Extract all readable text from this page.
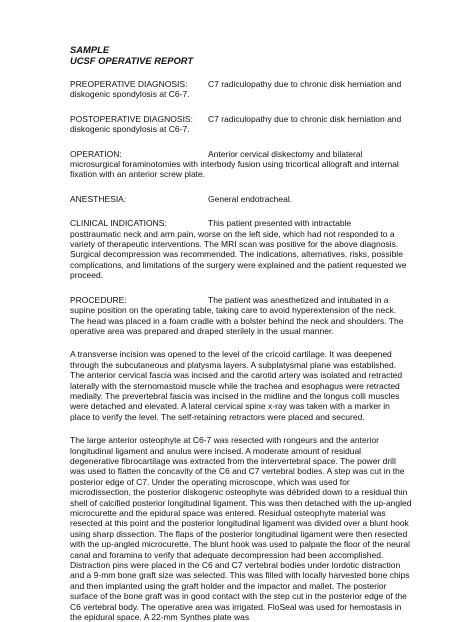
SAMPLE

UCSF OPERATIVE REPORT

PREOPERATIVE DIAGNOSIS:	C7 radiculopathy due to chronic disk herniation and

diskogenic spondylosis at C6-7.

POSTOPERATIVE DIAGNOSIS:	C7 radiculopathy due to chronic disk herniation and

diskogenic spondylosis at C6-7.

OPERATION:	Anterior cervical diskectomy and bilateral

microsurgical foraminotomies with interbody fusion using tricortical allograft and internal fixation with an anterior screw plate.

ANESTHESIA:	General endotracheal.
CLINICAL INDICATIONS:	This patient presented with intractable

posttraumatic neck and arm pain, worse on the left side, which had not responded to a variety of therapeutic interventions. The MRI scan was positive for the above diagnosis. Surgical decompression was recommended. The indications, alternatives, risks, possible complications, and limitations of the surgery were explained and the patient requested we proceed.

PROCEDURE:	The patient was anesthetized and intubated in a

supine position on the operating table, taking care to avoid hyperextension of the neck. The head was placed in a foam cradle with a bolster behind the neck and shoulders. The operative area was prepared and draped sterilely in the usual manner.

A transverse incision was opened to the level of the cricoid cartilage. It was deepened through the subcutaneous and platysma layers. A subplatysmal plane was established. The anterior cervical fascia was incised and the carotid artery was isolated and retracted laterally with the sternomastoid muscle while the trachea and esophagus were retracted medially. The prevertebral fascia was incised in the midline and the longus colli muscles were detached and elevated. A lateral cervical spine x-ray was taken with a marker in place to verify the level. The self-retaining retractors were placed and secured.

The large anterior osteophyte at C6-7 was resected with rongeurs and the anterior longitudinal ligament and anulus were incised. A moderate amount of residual degenerative fibrocartilage was extracted from the intervertebral space. The power drill was used to flatten the concavity of the C6 and C7 vertebral bodies. A step was cut in the posterior edge of C7. Under the operating microscope, which was used for microdissection, the posterior diskogenic osteophyte was débrided down to a residual thin shell of calcified posterior longitudinal ligament. This was then detached with the up-angled microcurette and the epidural space was entered. Residual osteophyte material was resected at this point and the posterior longitudinal ligament was divided over a blunt hook using sharp dissection. The flaps of the posterior longitudinal ligament were then resected with the up-angled microcurette. The blunt hook was used to palpate the floor of the neural canal and foramina to verify that adequate decompression had been accomplished. Distraction pins were placed in the C6 and C7 vertebral bodies under lordotic distraction and a 9-mm bone graft size was selected. This was filled with locally harvested bone chips and then implanted using the graft holder and the impactor and mallet. The posterior surface of the bone graft was in good contact with the step cut in the posterior edge of the C6 vertebral body. The operative area was irrigated. FloSeal was used for hemostasis in the epidural space. A 22-mm Synthes plate was
